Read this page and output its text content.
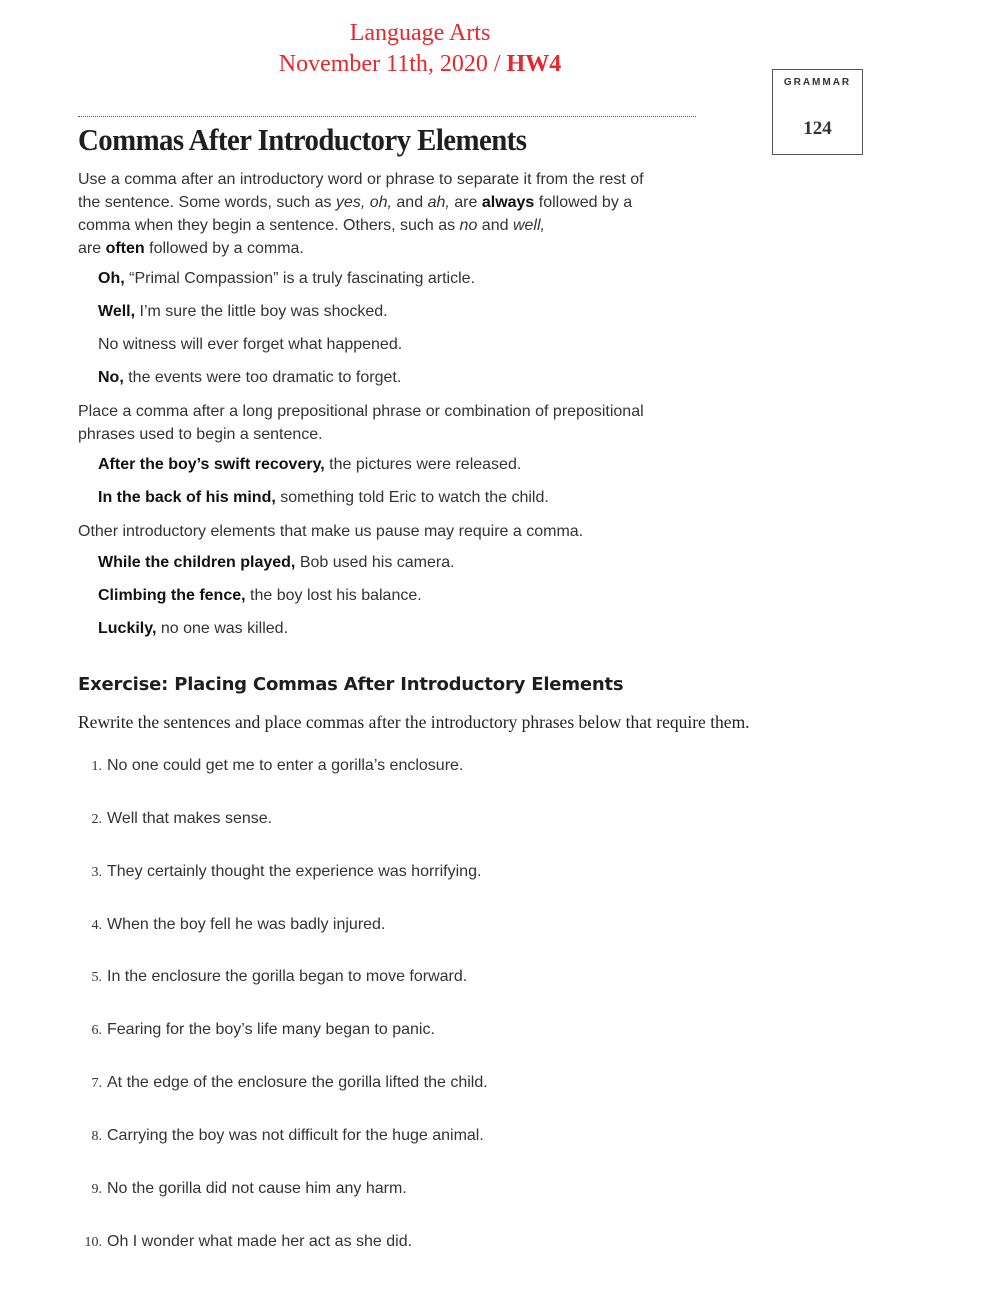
Language Arts
November 11th, 2020 / HW4
GRAMMAR
124
Commas After Introductory Elements
Use a comma after an introductory word or phrase to separate it from the rest of the sentence. Some words, such as yes, oh, and ah, are always followed by a comma when they begin a sentence. Others, such as no and well,
are often followed by a comma.
Oh, “Primal Compassion” is a truly fascinating article.
Well, I’m sure the little boy was shocked.
No witness will ever forget what happened.
No, the events were too dramatic to forget.
Place a comma after a long prepositional phrase or combination of prepositional phrases used to begin a sentence.
After the boy’s swift recovery, the pictures were released.
In the back of his mind, something told Eric to watch the child.
Other introductory elements that make us pause may require a comma.
While the children played, Bob used his camera.
Climbing the fence, the boy lost his balance.
Luckily, no one was killed.
Exercise: Placing Commas After Introductory Elements
Rewrite the sentences and place commas after the introductory phrases below that require them.
1. No one could get me to enter a gorilla’s enclosure.
2. Well that makes sense.
3. They certainly thought the experience was horrifying.
4. When the boy fell he was badly injured.
5. In the enclosure the gorilla began to move forward.
6. Fearing for the boy’s life many began to panic.
7. At the edge of the enclosure the gorilla lifted the child.
8. Carrying the boy was not difficult for the huge animal.
9. No the gorilla did not cause him any harm.
10. Oh I wonder what made her act as she did.
